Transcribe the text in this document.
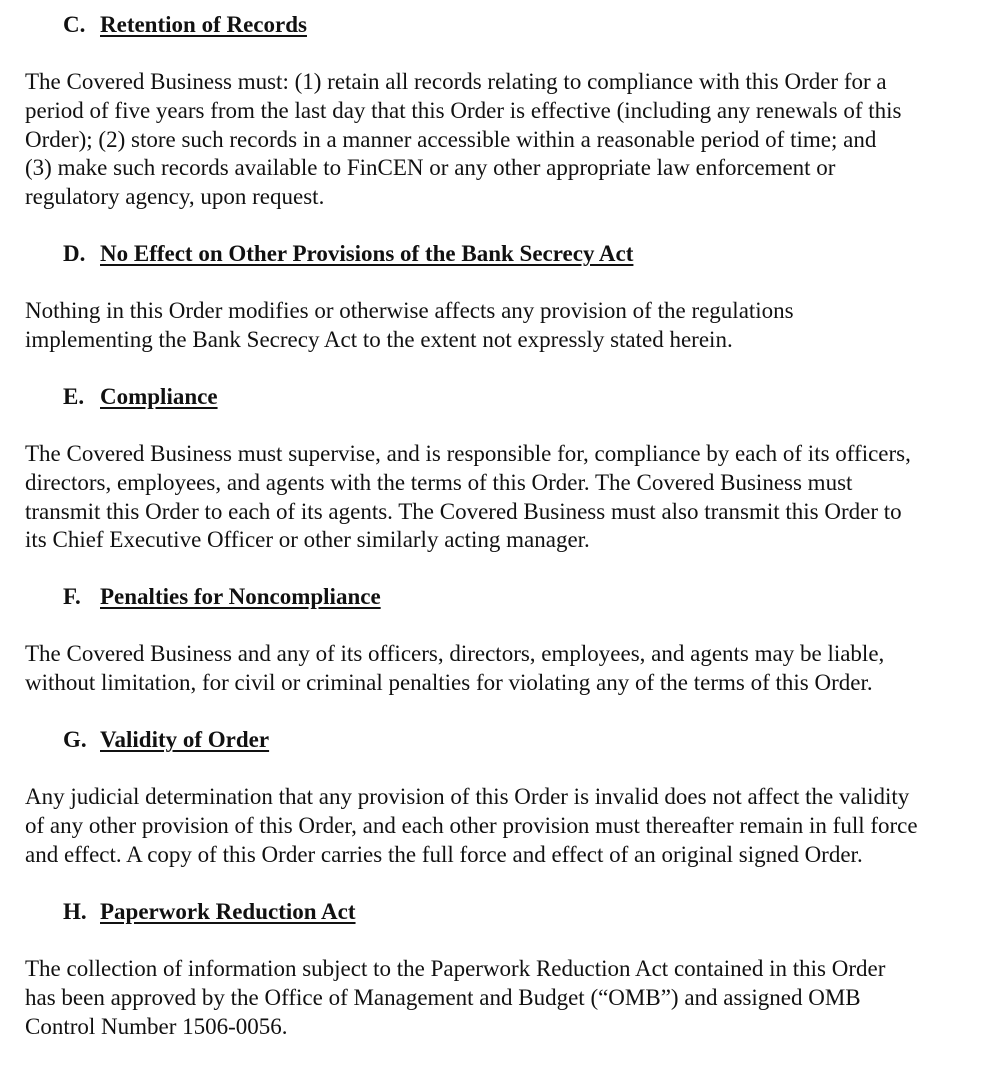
C. Retention of Records

The Covered Business must: (1) retain all records relating to compliance with this Order for a
period of five years from the last day that this Order is effective (including any renewals of this
Order); (2) store such records in a manner accessible within a reasonable period of time; and
(3) make such records available to FinCEN or any other appropriate law enforcement or
regulatory agency, upon request.

D. No Effect on Other Provisions of the Bank Secrecy Act

Nothing in this Order modifies or otherwise affects any provision of the regulations
implementing the Bank Secrecy Act to the extent not expressly stated herein.

E. Compliance

The Covered Business must supervise, and is responsible for, compliance by each of its officers,
directors, employees, and agents with the terms of this Order. The Covered Business must
transmit this Order to each of its agents. The Covered Business must also transmit this Order to
its Chief Executive Officer or other similarly acting manager.

F. Penalties for Noncompliance

The Covered Business and any of its officers, directors, employees, and agents may be liable,
without limitation, for civil or criminal penalties for violating any of the terms of this Order.

G. Validity of Order

Any judicial determination that any provision of this Order is invalid does not affect the validity
of any other provision of this Order, and each other provision must thereafter remain in full force
and effect. A copy of this Order carries the full force and effect of an original signed Order.

H. Paperwork Reduction Act

The collection of information subject to the Paperwork Reduction Act contained in this Order
has been approved by the Office of Management and Budget (“OMB”) and assigned OMB
Control Number 1506-0056.
